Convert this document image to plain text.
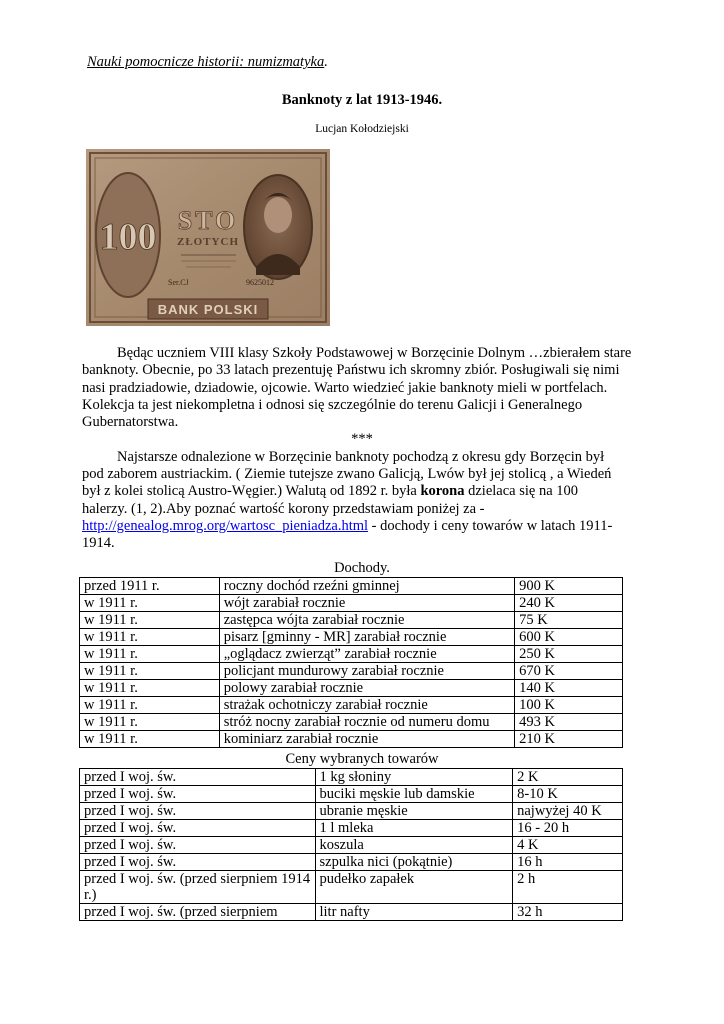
Nauki pomocnicze historii: numizmatyka.
Banknoty z lat 1913-1946.
Lucjan Kołodziejski
100 STO
ZŁOTYCH
Ser.CJ	9625012
BANK POLSKI
Będąc uczniem VIII klasy Szkoły Podstawowej w Borzęcinie Dolnym …zbierałem stare
banknoty. Obecnie, po 33 latach prezentuję Państwu ich skromny zbiór. Posługiwali się nimi
nasi pradziadowie, dziadowie, ojcowie. Warto wiedzieć jakie banknoty mieli w portfelach.
Kolekcja ta jest niekompletna i odnosi się szczególnie do terenu Galicji i Generalnego
Gubernatorstwa.
***
Najstarsze odnalezione w Borzęcinie banknoty pochodzą z okresu gdy Borzęcin był
pod zaborem austriackim. ( Ziemie tutejsze zwano Galicją, Lwów był jej stolicą , a Wiedeń
był z kolei stolicą Austro-Węgier.) Walutą od 1892 r. była korona dzielaca się na 100
halerzy. (1, 2).Aby poznać wartość korony przedstawiam poniżej za -
http://genealog.mrog.org/wartosc_pieniadza.html - dochody i ceny towarów w latach 1911-
1914.
Dochody.
przed 1911 r.	roczny dochód rzeźni gminnej	900 K
w 1911 r.	wójt zarabiał rocznie	240 K
w 1911 r.	zastępca wójta zarabiał rocznie	75 K
w 1911 r.	pisarz [gminny - MR] zarabiał rocznie	600 K
w 1911 r.	„oglądacz zwierząt” zarabiał rocznie	250 K
w 1911 r.	policjant mundurowy zarabiał rocznie	670 K
w 1911 r.	polowy zarabiał rocznie	140 K
w 1911 r.	strażak ochotniczy zarabiał rocznie	100 K
w 1911 r.	stróż nocny zarabiał rocznie od numeru domu	493 K
w 1911 r.	kominiarz zarabiał rocznie	210 K
Ceny wybranych towarów
przed I woj. św.	1 kg słoniny	2 K
przed I woj. św.	buciki męskie lub damskie	8-10 K
przed I woj. św.	ubranie męskie	najwyżej 40 K
przed I woj. św.	1 l mleka	16 - 20 h
przed I woj. św.	koszula	4 K
przed I woj. św.	szpulka nici (pokątnie)	16 h
przed I woj. św. (przed sierpniem 1914 r.)	pudełko zapałek	2 h
przed I woj. św. (przed sierpniem	litr nafty	32 h
